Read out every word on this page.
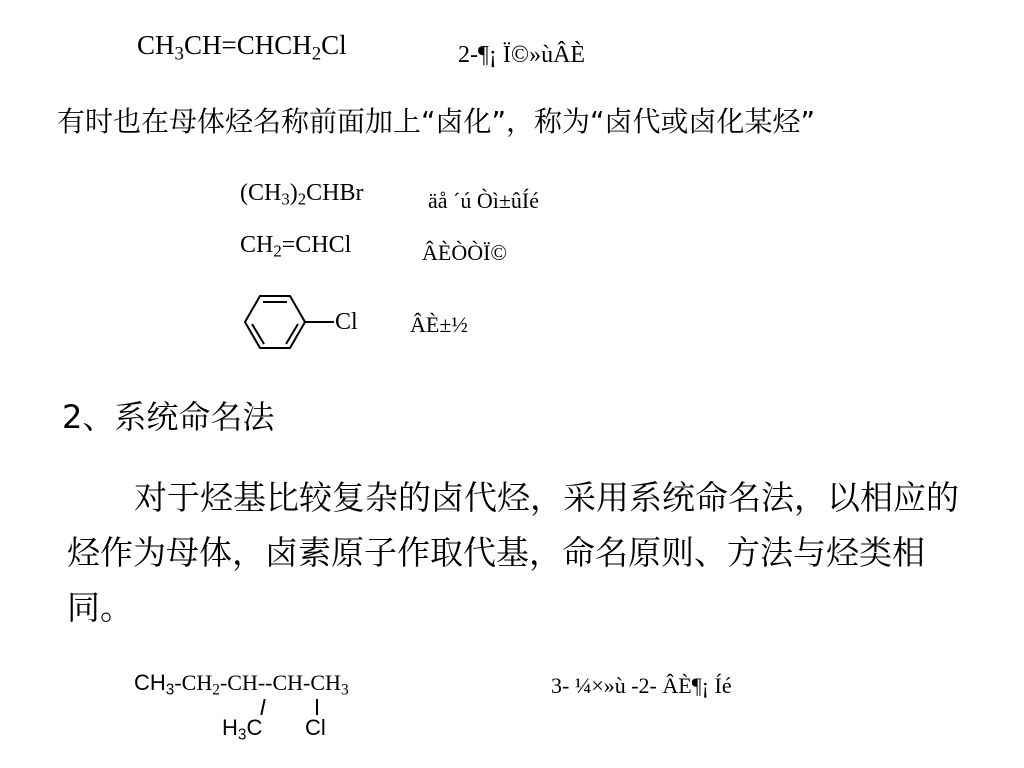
$CH_3CH=CHCH_2Cl$	2-¶¡ Ï©»ùÂÈ
有时也在母体烃名称前面加上“卤化”，称为“卤代或卤化某烃”
$(CH_3)_2CHBr$	äå ´ú Òì±ûÍé
$CH_2=CHCl$	ÂÈÒÒÏ©
Cl ÂÈ±½
2、系统命名法

对于烃基比较复杂的卤代烃，采用系统命名法，以相应的烃作为母体，卤素原子作取代基，命名原则、方法与烃类相同。

$CH_3-CH_2-CH--CH-CH_3$
$H_3C$ Cl
3- ¼×»ù -2- ÂÈ¶¡ Íé
